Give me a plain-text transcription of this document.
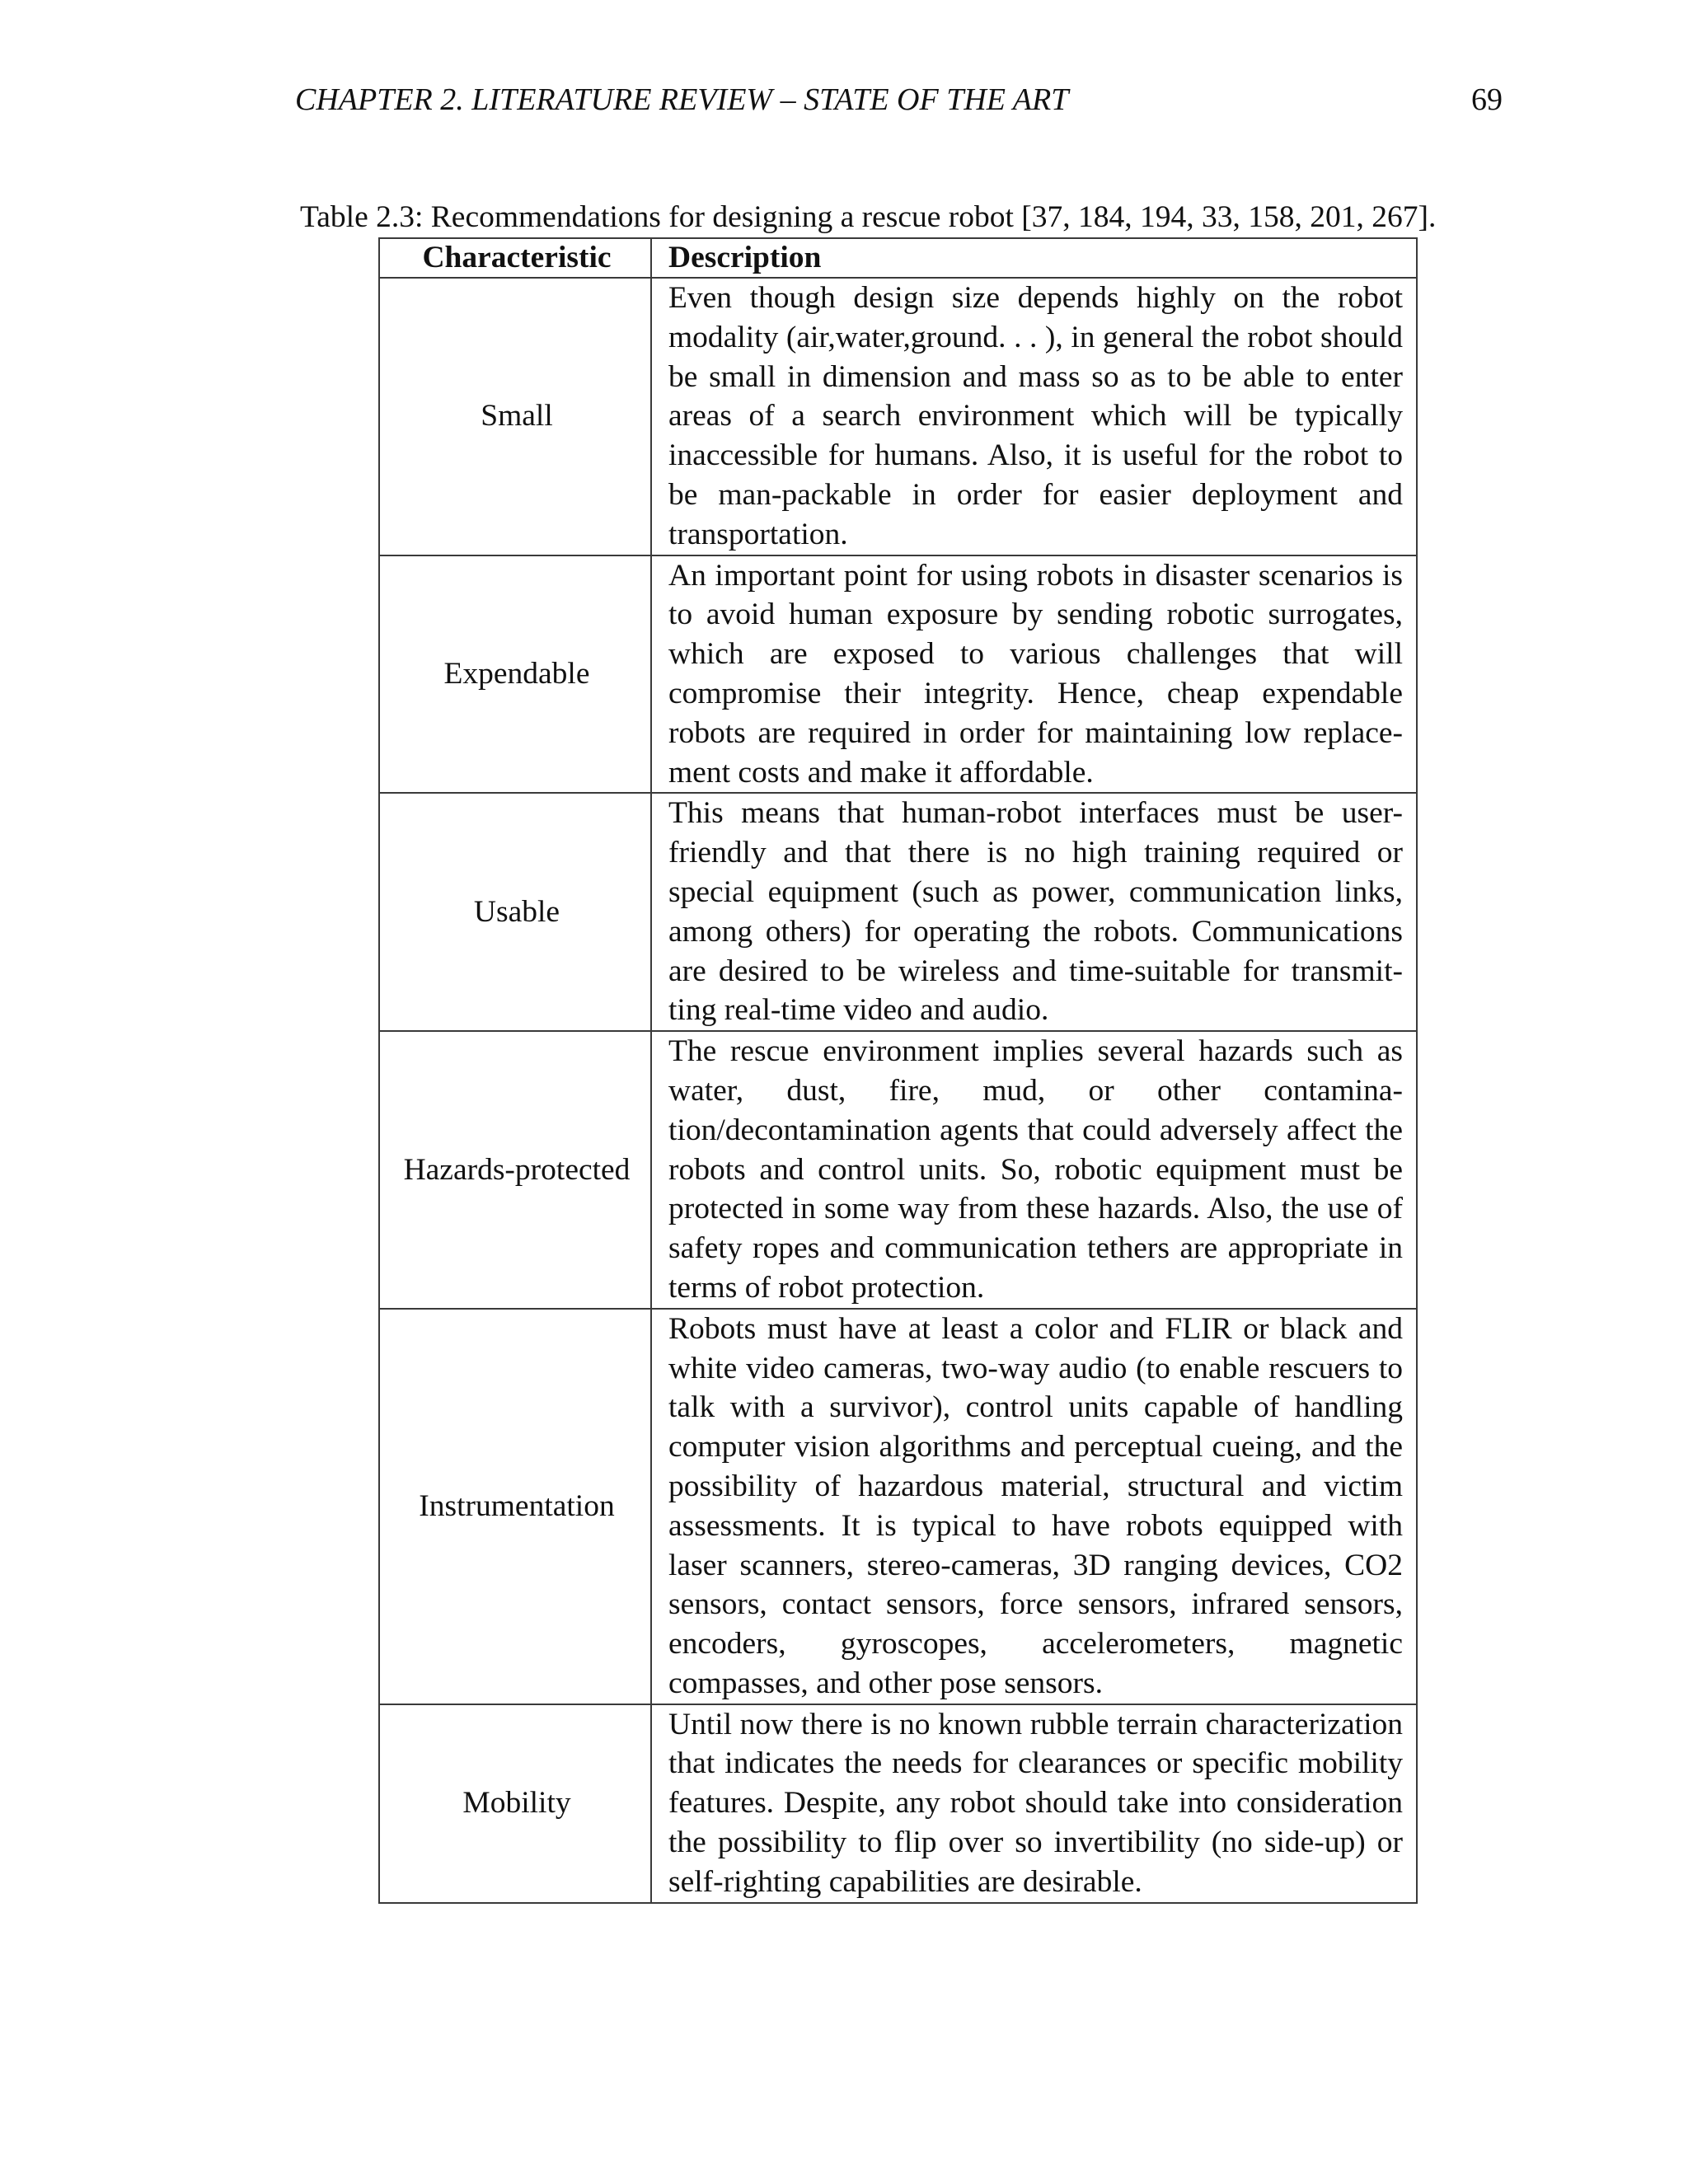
CHAPTER 2. LITERATURE REVIEW – STATE OF THE ART	69
Table 2.3: Recommendations for designing a rescue robot [37, 184, 194, 33, 158, 201, 267].
Characteristic	Description
Small	Even though design size depends highly on the robot modality (air,water,ground. . . ), in general the robot should be small in dimension and mass so as to be able to enter areas of a search environment which will be typically inaccessible for humans. Also, it is useful for the robot to be man-packable in order for easier deployment and transportation.
Expendable	An important point for using robots in disaster scenarios is to avoid human exposure by sending robotic surrogates, which are exposed to various challenges that will compromise their integrity. Hence, cheap expendable robots are required in order for maintaining low replacement costs and make it affordable.
Usable	This means that human-robot interfaces must be user-friendly and that there is no high training required or special equipment (such as power, communication links, among others) for operating the robots. Communications are desired to be wireless and time-suitable for transmitting real-time video and audio.
Hazards-protected	The rescue environment implies several hazards such as water, dust, fire, mud, or other contamination/decontamination agents that could adversely affect the robots and control units. So, robotic equipment must be protected in some way from these hazards. Also, the use of safety ropes and communication tethers are appropriate in terms of robot protection.
Instrumentation	Robots must have at least a color and FLIR or black and white video cameras, two-way audio (to enable rescuers to talk with a survivor), control units capable of handling computer vision algorithms and perceptual cueing, and the possibility of hazardous material, structural and victim assessments. It is typical to have robots equipped with laser scanners, stereo-cameras, 3D ranging devices, CO2 sensors, contact sensors, force sensors, infrared sensors, encoders, gyroscopes, accelerometers, magnetic compasses, and other pose sensors.
Mobility	Until now there is no known rubble terrain characterization that indicates the needs for clearances or specific mobility features. Despite, any robot should take into consideration the possibility to flip over so invertibility (no side-up) or self-righting capabilities are desirable.
